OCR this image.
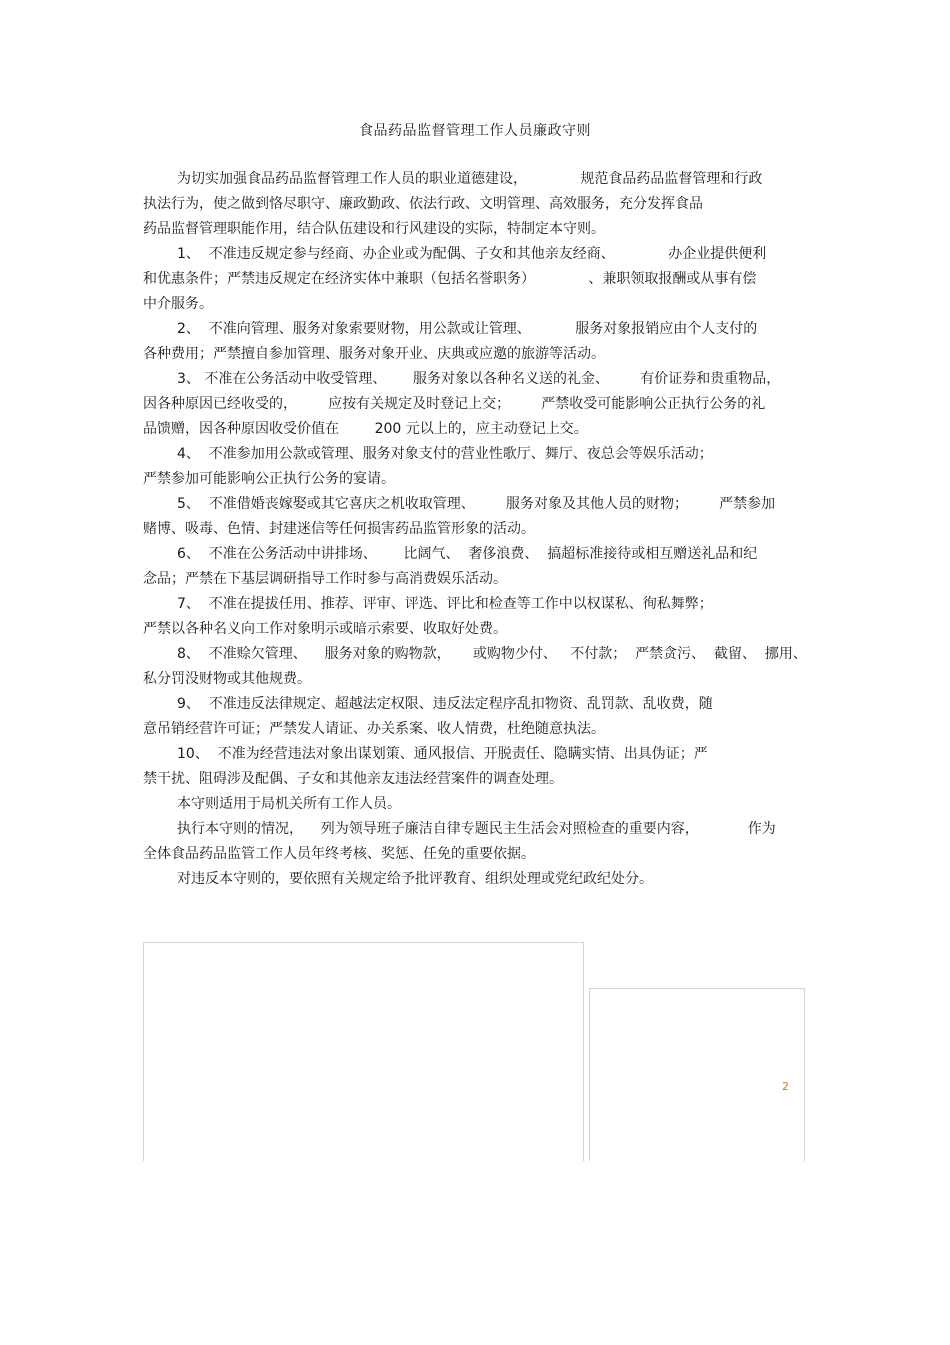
食品药品监督管理工作人员廉政守则
为切实加强食品药品监督管理工作人员的职业道德建设，            规范食品药品监督管理和行政
执法行为，使之做到恪尽职守、廉政勤政、依法行政、文明管理、高效服务，充分发挥食品
药品监督管理职能作用，结合队伍建设和行风建设的实际，特制定本守则。
1、  不准违反规定参与经商、办企业或为配偶、子女和其他亲友经商、            办企业提供便利
和优惠条件；严禁违反规定在经济实体中兼职（包括名誉职务）            、兼职领取报酬或从事有偿
中介服务。
2、  不准向管理、服务对象索要财物，用公款或让管理、          服务对象报销应由个人支付的
各种费用；严禁擅自参加管理、服务对象开业、庆典或应邀的旅游等活动。
3、 不准在公务活动中收受管理、      服务对象以各种名义送的礼金、       有价证券和贵重物品，
因各种原因已经收受的，       应按有关规定及时登记上交；       严禁收受可能影响公正执行公务的礼
品馈赠，因各种原因收受价值在        200 元以上的，应主动登记上交。
4、  不准参加用公款或管理、服务对象支付的营业性歌厅、舞厅、夜总会等娱乐活动；
严禁参加可能影响公正执行公务的宴请。
5、  不准借婚丧嫁娶或其它喜庆之机收取管理、       服务对象及其他人员的财物；       严禁参加
赌博、吸毒、色情、封建迷信等任何损害药品监管形象的活动。
6、  不准在公务活动中讲排场、      比阔气、  奢侈浪费、  搞超标准接待或相互赠送礼品和纪
念品；严禁在下基层调研指导工作时参与高消费娱乐活动。
7、  不准在提拔任用、推荐、评审、评选、评比和检查等工作中以权谋私、徇私舞弊；
严禁以各种名义向工作对象明示或暗示索要、收取好处费。
8、  不准赊欠管理、    服务对象的购物款，     或购物少付、   不付款；  严禁贪污、  截留、  挪用、
私分罚没财物或其他规费。
9、  不准违反法律规定、超越法定权限、违反法定程序乱扣物资、乱罚款、乱收费，随
意吊销经营许可证；严禁发人请证、办关系案、收人情费，杜绝随意执法。
10、  不准为经营违法对象出谋划策、通风报信、开脱责任、隐瞒实情、出具伪证；严
禁干扰、阻碍涉及配偶、子女和其他亲友违法经营案件的调查处理。
本守则适用于局机关所有工作人员。
执行本守则的情况，    列为领导班子廉洁自律专题民主生活会对照检查的重要内容，           作为
全体食品药品监管工作人员年终考核、奖惩、任免的重要依据。
对违反本守则的，要依照有关规定给予批评教育、组织处理或党纪政纪处分。
2
